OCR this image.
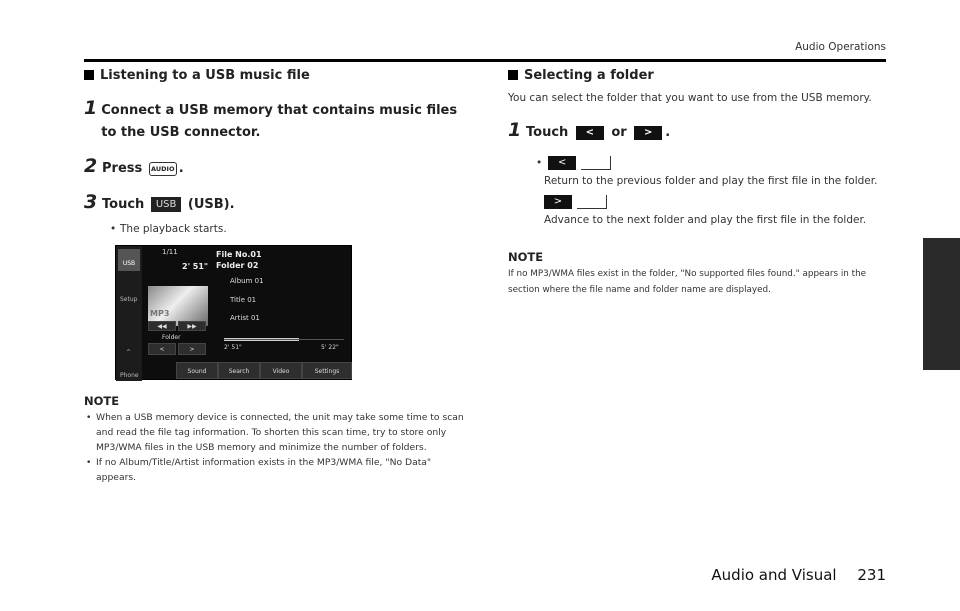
Audio Operations
Listening to a USB music file
1 Connect a USB memory that contains music files to the USB connector.
2 Press AUDIO .
3 Touch USB (USB).
• The playback starts.
USB
Setup
^
Phone
1/11
2' 51"
File No.01
Folder 02
Album 01
Title 01
Artist 01
MP3
◀◀	▶▶
Folder
<	>	2' 51"	5' 22"
Sound	Search	Video	Settings
NOTE
• When a USB memory device is connected, the unit may take some time to scan and read the file tag information. To shorten this scan time, try to store only MP3/WMA files in the USB memory and minimize the number of folders.
• If no Album/Title/Artist information exists in the MP3/WMA file, "No Data" appears.
Selecting a folder
You can select the folder that you want to use from the USB memory.
1 Touch < or > .
•	<
Return to the previous folder and play the first file in the folder.
>
Advance to the next folder and play the first file in the folder.
NOTE
If no MP3/WMA files exist in the folder, "No supported files found." appears in the section where the file name and folder name are displayed.
Audio and Visual 231
